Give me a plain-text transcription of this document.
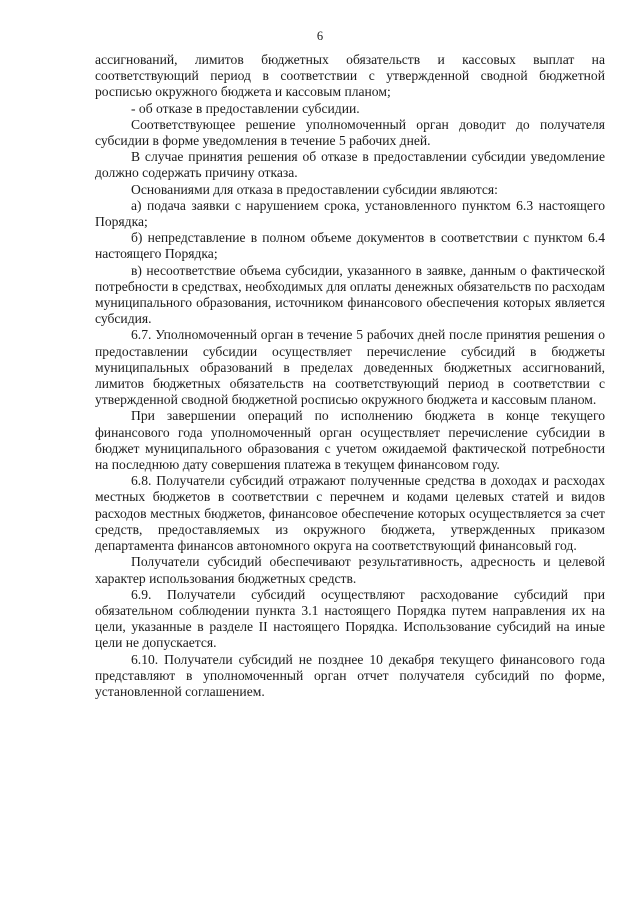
6

ассигнований, лимитов бюджетных обязательств и кассовых выплат на соответствующий период в соответствии с утвержденной сводной бюджетной росписью окружного бюджета и кассовым планом;

- об отказе в предоставлении субсидии.

Соответствующее решение уполномоченный орган доводит до получателя субсидии в форме уведомления в течение 5 рабочих дней.

В случае принятия решения об отказе в предоставлении субсидии уведомление должно содержать причину отказа.

Основаниями для отказа в предоставлении субсидии являются:

а) подача заявки с нарушением срока, установленного пунктом 6.3 настоящего Порядка;

б) непредставление в полном объеме документов в соответствии с пунктом 6.4 настоящего Порядка;

в) несоответствие объема субсидии, указанного в заявке, данным о фактической потребности в средствах, необходимых для оплаты денежных обязательств по расходам муниципального образования, источником финансового обеспечения которых является субсидия.

6.7. Уполномоченный орган в течение 5 рабочих дней после принятия решения о предоставлении субсидии осуществляет перечисление субсидий в бюджеты муниципальных образований в пределах доведенных бюджетных ассигнований, лимитов бюджетных обязательств на соответствующий период в соответствии с утвержденной сводной бюджетной росписью окружного бюджета и кассовым планом.

При завершении операций по исполнению бюджета в конце текущего финансового года уполномоченный орган осуществляет перечисление субсидии в бюджет муниципального образования с учетом ожидаемой фактической потребности на последнюю дату совершения платежа в текущем финансовом году.

6.8. Получатели субсидий отражают полученные средства в доходах и расходах местных бюджетов в соответствии с перечнем и кодами целевых статей и видов расходов местных бюджетов, финансовое обеспечение которых осуществляется за счет средств, предоставляемых из окружного бюджета, утвержденных приказом департамента финансов автономного округа на соответствующий финансовый год.

Получатели субсидий обеспечивают результативность, адресность и целевой характер использования бюджетных средств.

6.9. Получатели субсидий осуществляют расходование субсидий при обязательном соблюдении пункта 3.1 настоящего Порядка путем направления их на цели, указанные в разделе II настоящего Порядка. Использование субсидий на иные цели не допускается.

6.10. Получатели субсидий не позднее 10 декабря текущего финансового года представляют в уполномоченный орган отчет получателя субсидий по форме, установленной соглашением.
